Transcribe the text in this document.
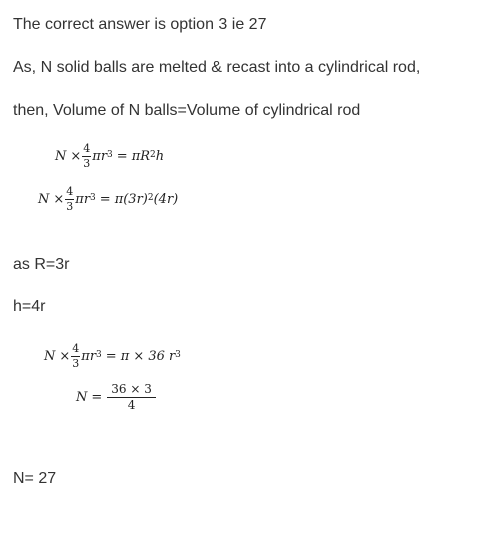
The correct answer is option 3 ie 27
As, N solid balls are melted & recast into a cylindrical rod,
then, Volume of N balls=Volume of cylindrical rod
$N \times \frac{4}{3}$ π $r^3 = \pi R^2$ h
$N \times \frac{4}{3}$ π $r^3 = \pi(3r)^2$ (4r)
as R=3r
h=4r
$N \times \frac{4}{3}$ π $r^3 = \pi \times 36$ $r^3$
$N = \frac{36 \times 3}{4}$
N= 27
